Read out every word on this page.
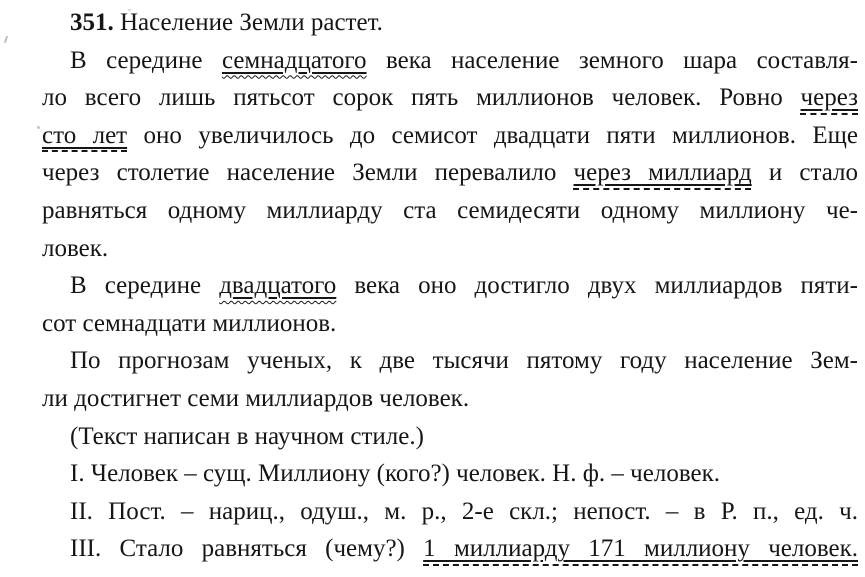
351. Население Земли растет.
В середине семнадцатого века население земного шара составля-
ло всего лишь пятьсот сорок пять миллионов человек. Ровно через
сто лет оно увеличилось до семисот двадцати пяти миллионов. Еще
через столетие население Земли перевалило через миллиард и стало
равняться одному миллиарду ста семидесяти одному миллиону че-
ловек.
В середине двадцатого века оно достигло двух миллиардов пяти-
сот семнадцати миллионов.
По прогнозам ученых, к две тысячи пятому году население Зем-
ли достигнет семи миллиардов человек.
(Текст написан в научном стиле.)
I. Человек – сущ. Миллиону (кого?) человек. Н. ф. – человек.
II. Пост. – нариц., одуш., м. р., 2-е скл.; непост. – в Р. п., ед. ч.
III. Стало равняться (чему?) 1 миллиарду 171 миллиону человек.
